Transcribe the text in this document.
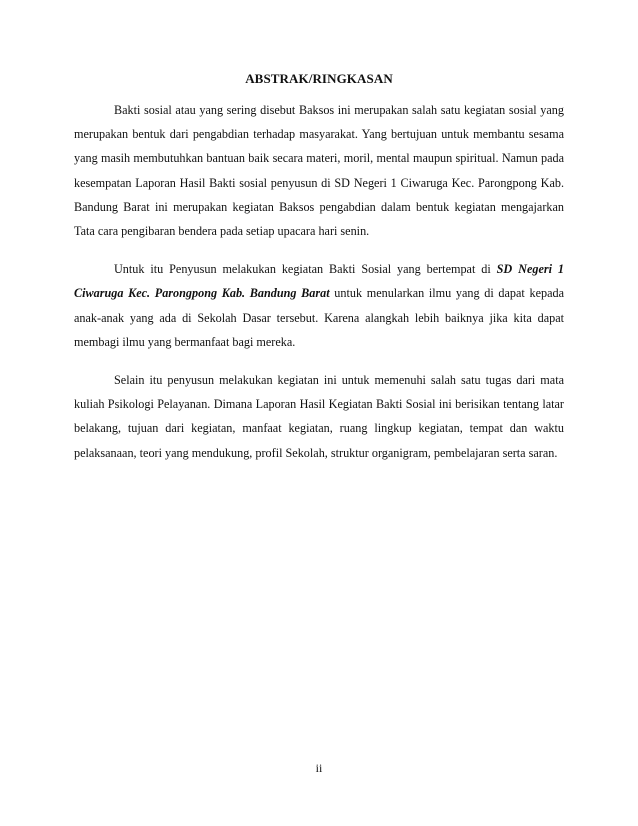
ABSTRAK/RINGKASAN

Bakti sosial atau yang sering disebut Baksos ini merupakan salah satu kegiatan sosial yang merupakan bentuk dari pengabdian terhadap masyarakat. Yang bertujuan untuk membantu sesama yang masih membutuhkan bantuan baik secara materi, moril, mental maupun spiritual. Namun pada kesempatan Laporan Hasil Bakti sosial penyusun di SD Negeri 1 Ciwaruga Kec. Parongpong Kab. Bandung Barat ini merupakan kegiatan Baksos pengabdian dalam bentuk kegiatan mengajarkan Tata cara pengibaran bendera pada setiap upacara hari senin.

Untuk itu Penyusun melakukan kegiatan Bakti Sosial yang bertempat di SD Negeri 1 Ciwaruga Kec. Parongpong Kab. Bandung Barat untuk menularkan ilmu yang di dapat kepada anak-anak yang ada di Sekolah Dasar tersebut. Karena alangkah lebih baiknya jika kita dapat membagi ilmu yang bermanfaat bagi mereka.

Selain itu penyusun melakukan kegiatan ini untuk memenuhi salah satu tugas dari mata kuliah Psikologi Pelayanan. Dimana Laporan Hasil Kegiatan Bakti Sosial ini berisikan tentang latar belakang, tujuan dari kegiatan, manfaat kegiatan, ruang lingkup kegiatan, tempat dan waktu pelaksanaan, teori yang mendukung, profil Sekolah, struktur organigram, pembelajaran serta saran.

ii
